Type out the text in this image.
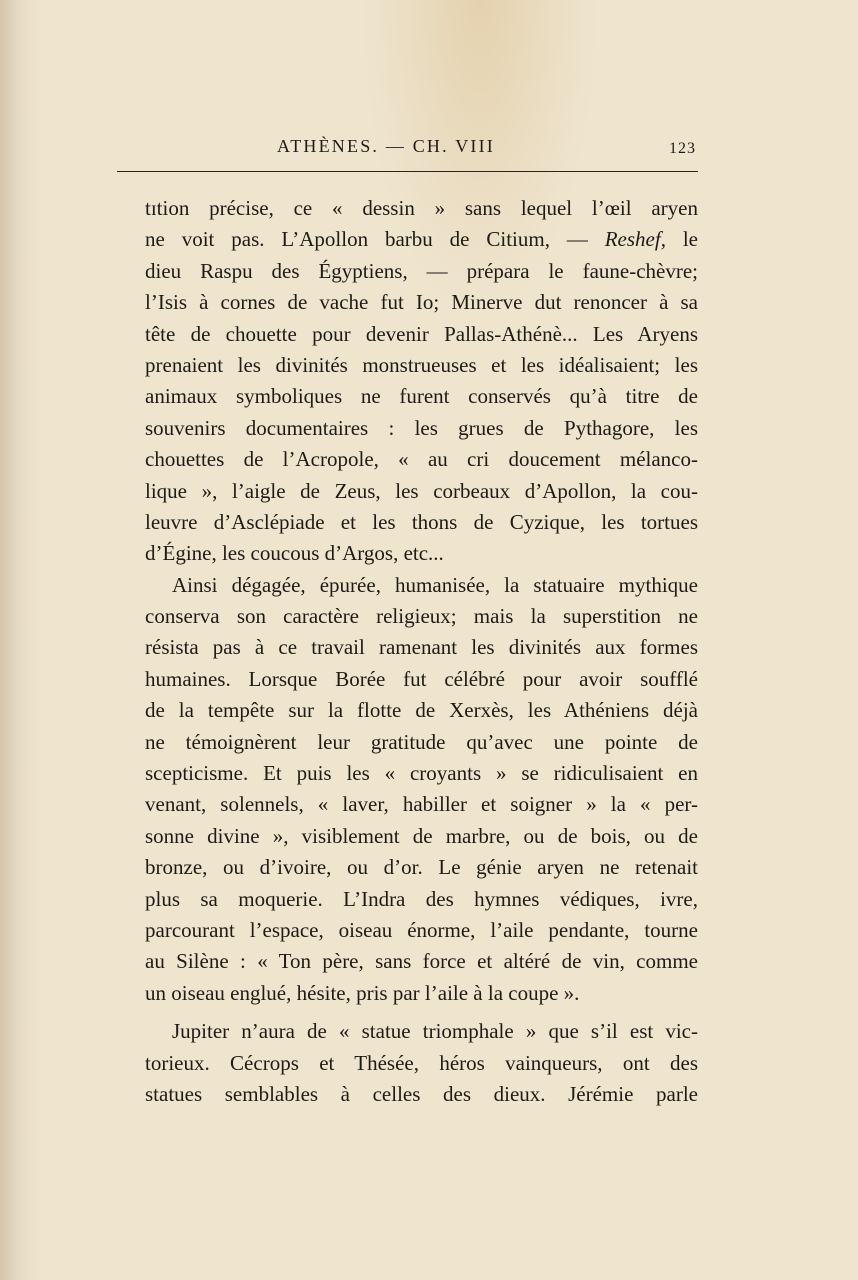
ATHÈNES. — CH. VIII	123
tɪtion précise, ce « dessin » sans lequel l’œil aryen
ne voit pas. L’Apollon barbu de Citium, — Reshef, le
dieu Raspu des Égyptiens, — prépara le faune-chèvre;
l’Isis à cornes de vache fut Io; Minerve dut renoncer à sa
tête de chouette pour devenir Pallas-Athénè... Les Aryens
prenaient les divinités monstrueuses et les idéalisaient; les
animaux symboliques ne furent conservés qu’à titre de
souvenirs documentaires : les grues de Pythagore, les
chouettes de l’Acropole, « au cri doucement mélanco-
lique », l’aigle de Zeus, les corbeaux d’Apollon, la cou-
leuvre d’Asclépiade et les thons de Cyzique, les tortues
d’Égine, les coucous d’Argos, etc...
Ainsi dégagée, épurée, humanisée, la statuaire mythique
conserva son caractère religieux; mais la superstition ne
résista pas à ce travail ramenant les divinités aux formes
humaines. Lorsque Borée fut célébré pour avoir soufflé
de la tempête sur la flotte de Xerxès, les Athéniens déjà
ne témoignèrent leur gratitude qu’avec une pointe de
scepticisme. Et puis les « croyants » se ridiculisaient en
venant, solennels, « laver, habiller et soigner » la « per-
sonne divine », visiblement de marbre, ou de bois, ou de
bronze, ou d’ivoire, ou d’or. Le génie aryen ne retenait
plus sa moquerie. L’Indra des hymnes védiques, ivre,
parcourant l’espace, oiseau énorme, l’aile pendante, tourne
au Silène : « Ton père, sans force et altéré de vin, comme
un oiseau englué, hésite, pris par l’aile à la coupe ».
Jupiter n’aura de « statue triomphale » que s’il est vic-
torieux. Cécrops et Thésée, héros vainqueurs, ont des
statues semblables à celles des dieux. Jérémie parle
